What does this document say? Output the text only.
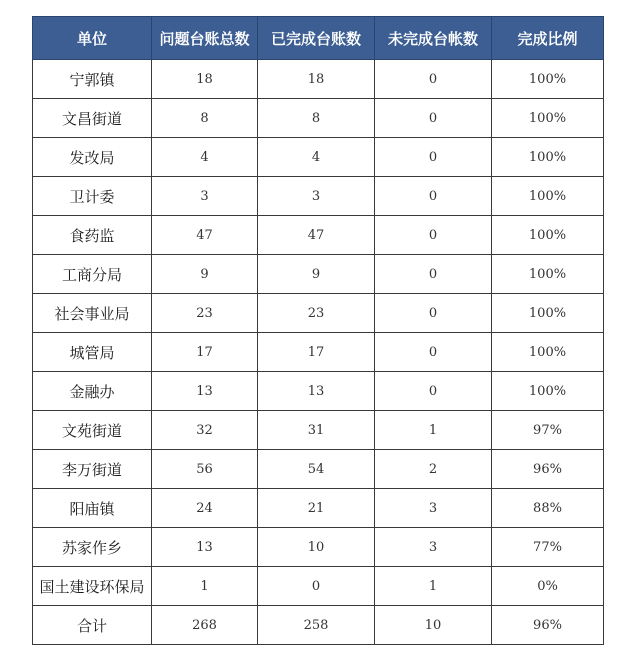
单位	问题台账总数	已完成台账数	未完成台帐数	完成比例
宁郭镇	18	18	0	100%
文昌街道	8	8	0	100%
发改局	4	4	0	100%
卫计委	3	3	0	100%
食药监	47	47	0	100%
工商分局	9	9	0	100%
社会事业局	23	23	0	100%
城管局	17	17	0	100%
金融办	13	13	0	100%
文苑街道	32	31	1	97%
李万街道	56	54	2	96%
阳庙镇	24	21	3	88%
苏家作乡	13	10	3	77%
国土建设环保局	1	0	1	0%
合计	268	258	10	96%
